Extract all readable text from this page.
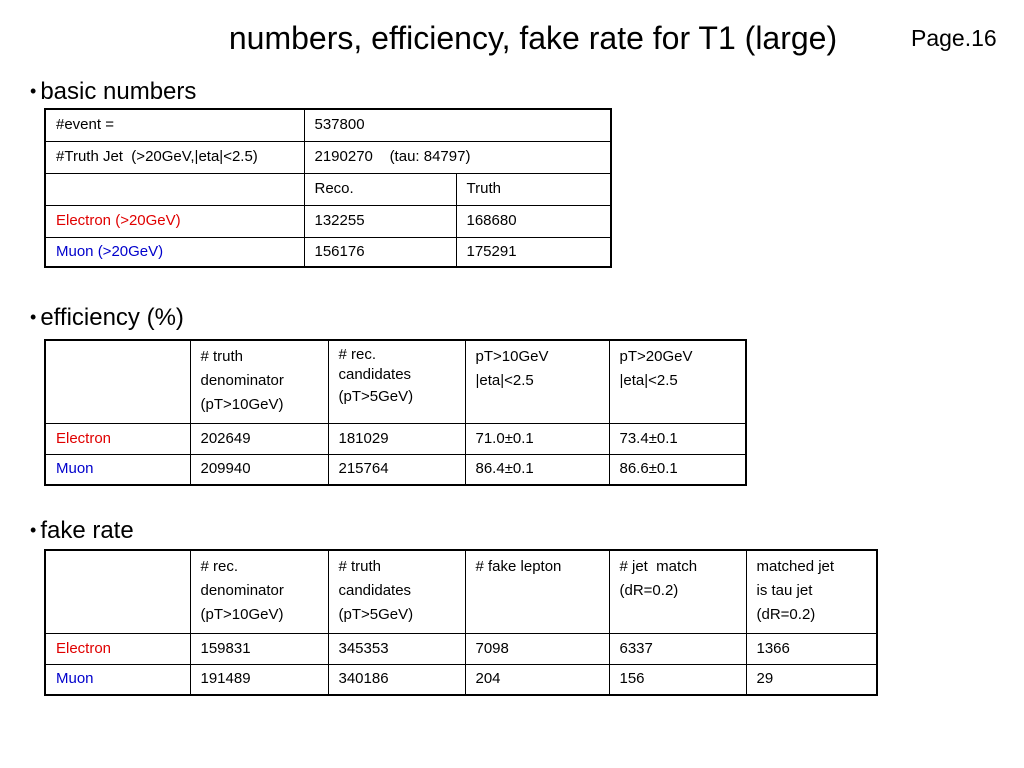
numbers, efficiency, fake rate for T1 (large)	Page.16
• basic numbers
#event =	537800	
#Truth Jet  (>20GeV,|eta|<2.5)	2190270    (tau: 84797)	
	Reco.	Truth
Electron (>20GeV)	132255	168680
Muon (>20GeV)	156176	175291
• efficiency (%)

	# truth
denominator
(pT>10GeV)	# rec.
candidates
(pT>5GeV)	pT>10GeV
|eta|<2.5	pT>20GeV
|eta|<2.5

Electron	202649	181029	71.0±0.1	73.4±0.1
Muon	209940	215764	86.4±0.1	86.6±0.1
• fake rate

	# rec.
denominator
(pT>10GeV)	# truth
candidates
(pT>5GeV)	# fake lepton	# jet  match
(dR=0.2)	matched jet
is tau jet
(dR=0.2)

Electron	159831	345353	7098	6337	1366
Muon	191489	340186	204	156	29
